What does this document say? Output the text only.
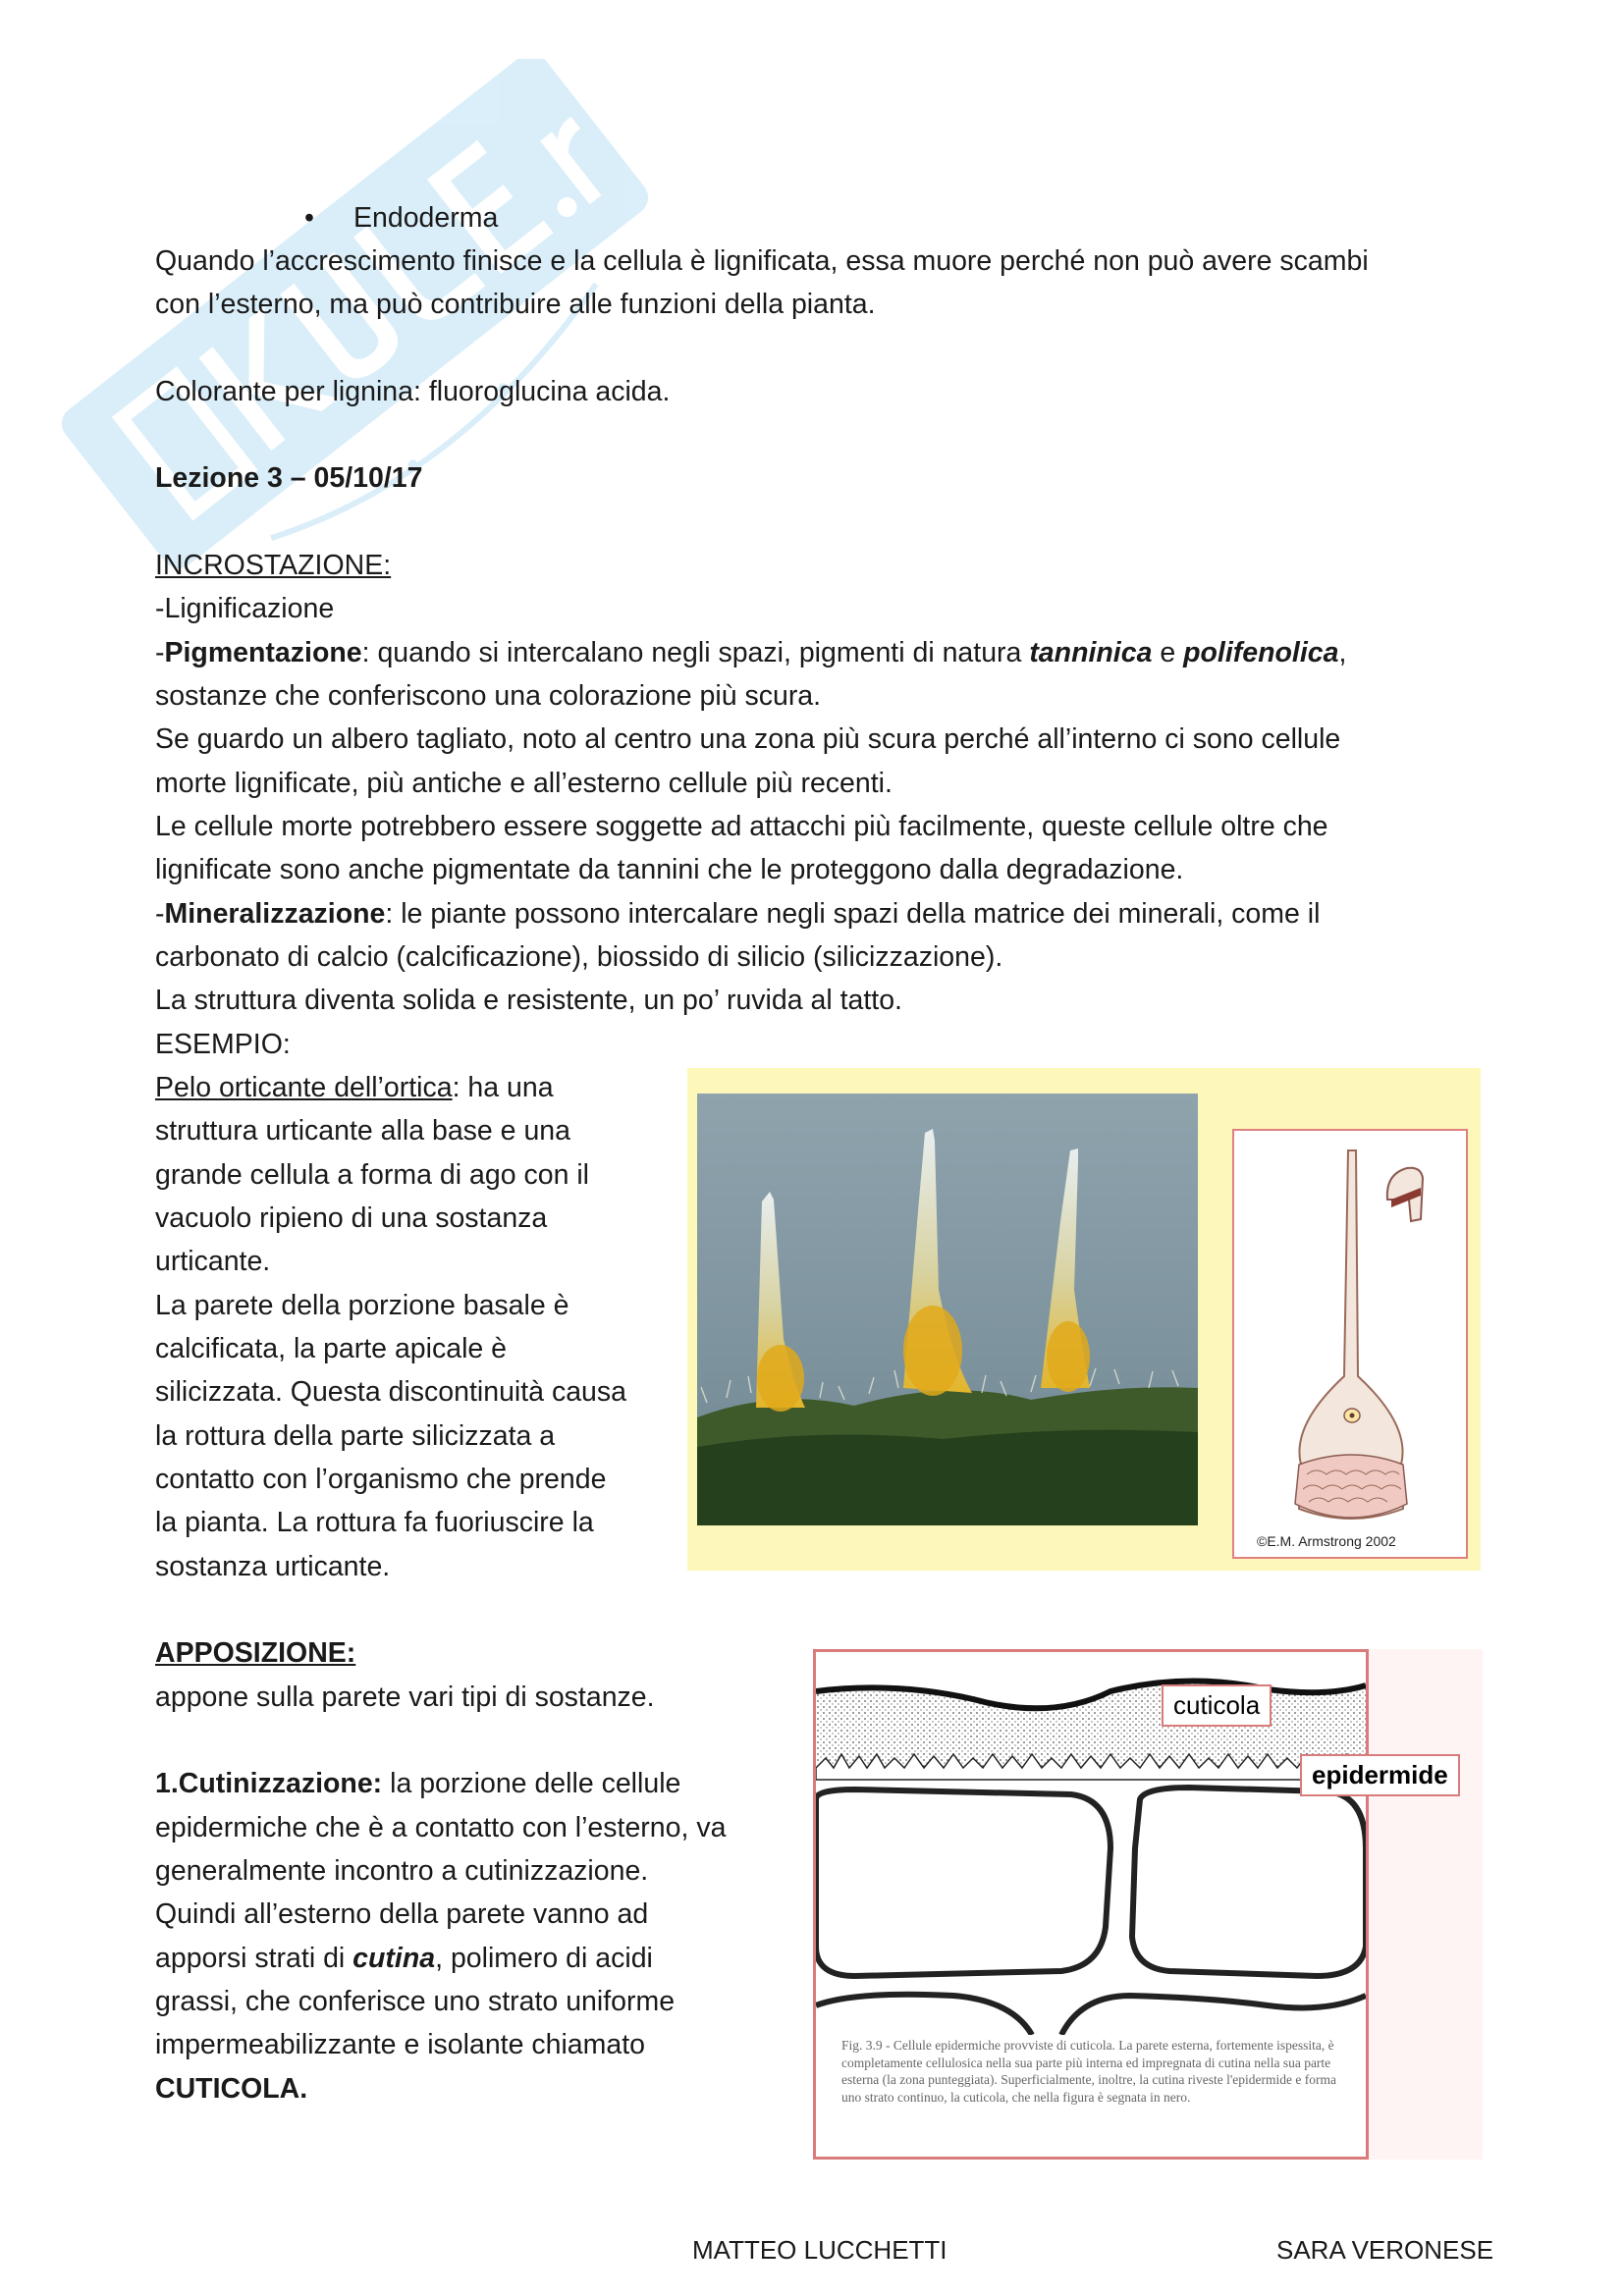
• Endoderma
Quando l’accrescimento finisce e la cellula è lignificata, essa muore perché non può avere scambi
con l’esterno, ma può contribuire alle funzioni della pianta.
Colorante per lignina: fluoroglucina acida.
Lezione 3 – 05/10/17
INCROSTAZIONE:
-Lignificazione
-Pigmentazione: quando si intercalano negli spazi, pigmenti di natura tanninica e polifenolica,
sostanze che conferiscono una colorazione più scura.
Se guardo un albero tagliato, noto al centro una zona più scura perché all’interno ci sono cellule
morte lignificate, più antiche e all’esterno cellule più recenti.
Le cellule morte potrebbero essere soggette ad attacchi più facilmente, queste cellule oltre che
lignificate sono anche pigmentate da tannini che le proteggono dalla degradazione.
-Mineralizzazione: le piante possono intercalare negli spazi della matrice dei minerali, come il
carbonato di calcio (calcificazione), biossido di silicio (silicizzazione).
La struttura diventa solida e resistente, un po’ ruvida al tatto.
ESEMPIO:
Pelo orticante dell’ortica: ha una
struttura urticante alla base e una
grande cellula a forma di ago con il
vacuolo ripieno di una sostanza
urticante.
La parete della porzione basale è
calcificata, la parte apicale è
silicizzata. Questa discontinuità causa
la rottura della parte silicizzata a
contatto con l’organismo che prende
la pianta. La rottura fa fuoriuscire la
sostanza urticante.
©E.M. Armstrong 2002
APPOSIZIONE:
appone sulla parete vari tipi di sostanze.
1.Cutinizzazione: la porzione delle cellule
epidermiche che è a contatto con l’esterno, va
generalmente incontro a cutinizzazione.
Quindi all’esterno della parete vanno ad
apporsi strati di cutina, polimero di acidi
grassi, che conferisce uno strato uniforme
impermeabilizzante e isolante chiamato
CUTICOLA.
Fig. 3.9 - Cellule epidermiche provviste di cuticola. La parete esterna, fortemente ispessita, è completamente cellulosica nella sua parte più interna ed impregnata di cutina nella sua parte esterna (la zona punteggiata). Superficialmente, inoltre, la cutina riveste l'epidermide e forma uno strato continuo, la cuticola, che nella figura è segnata in nero.
cuticola
epidermide
MATTEO LUCCHETTI	SARA VERONESE
